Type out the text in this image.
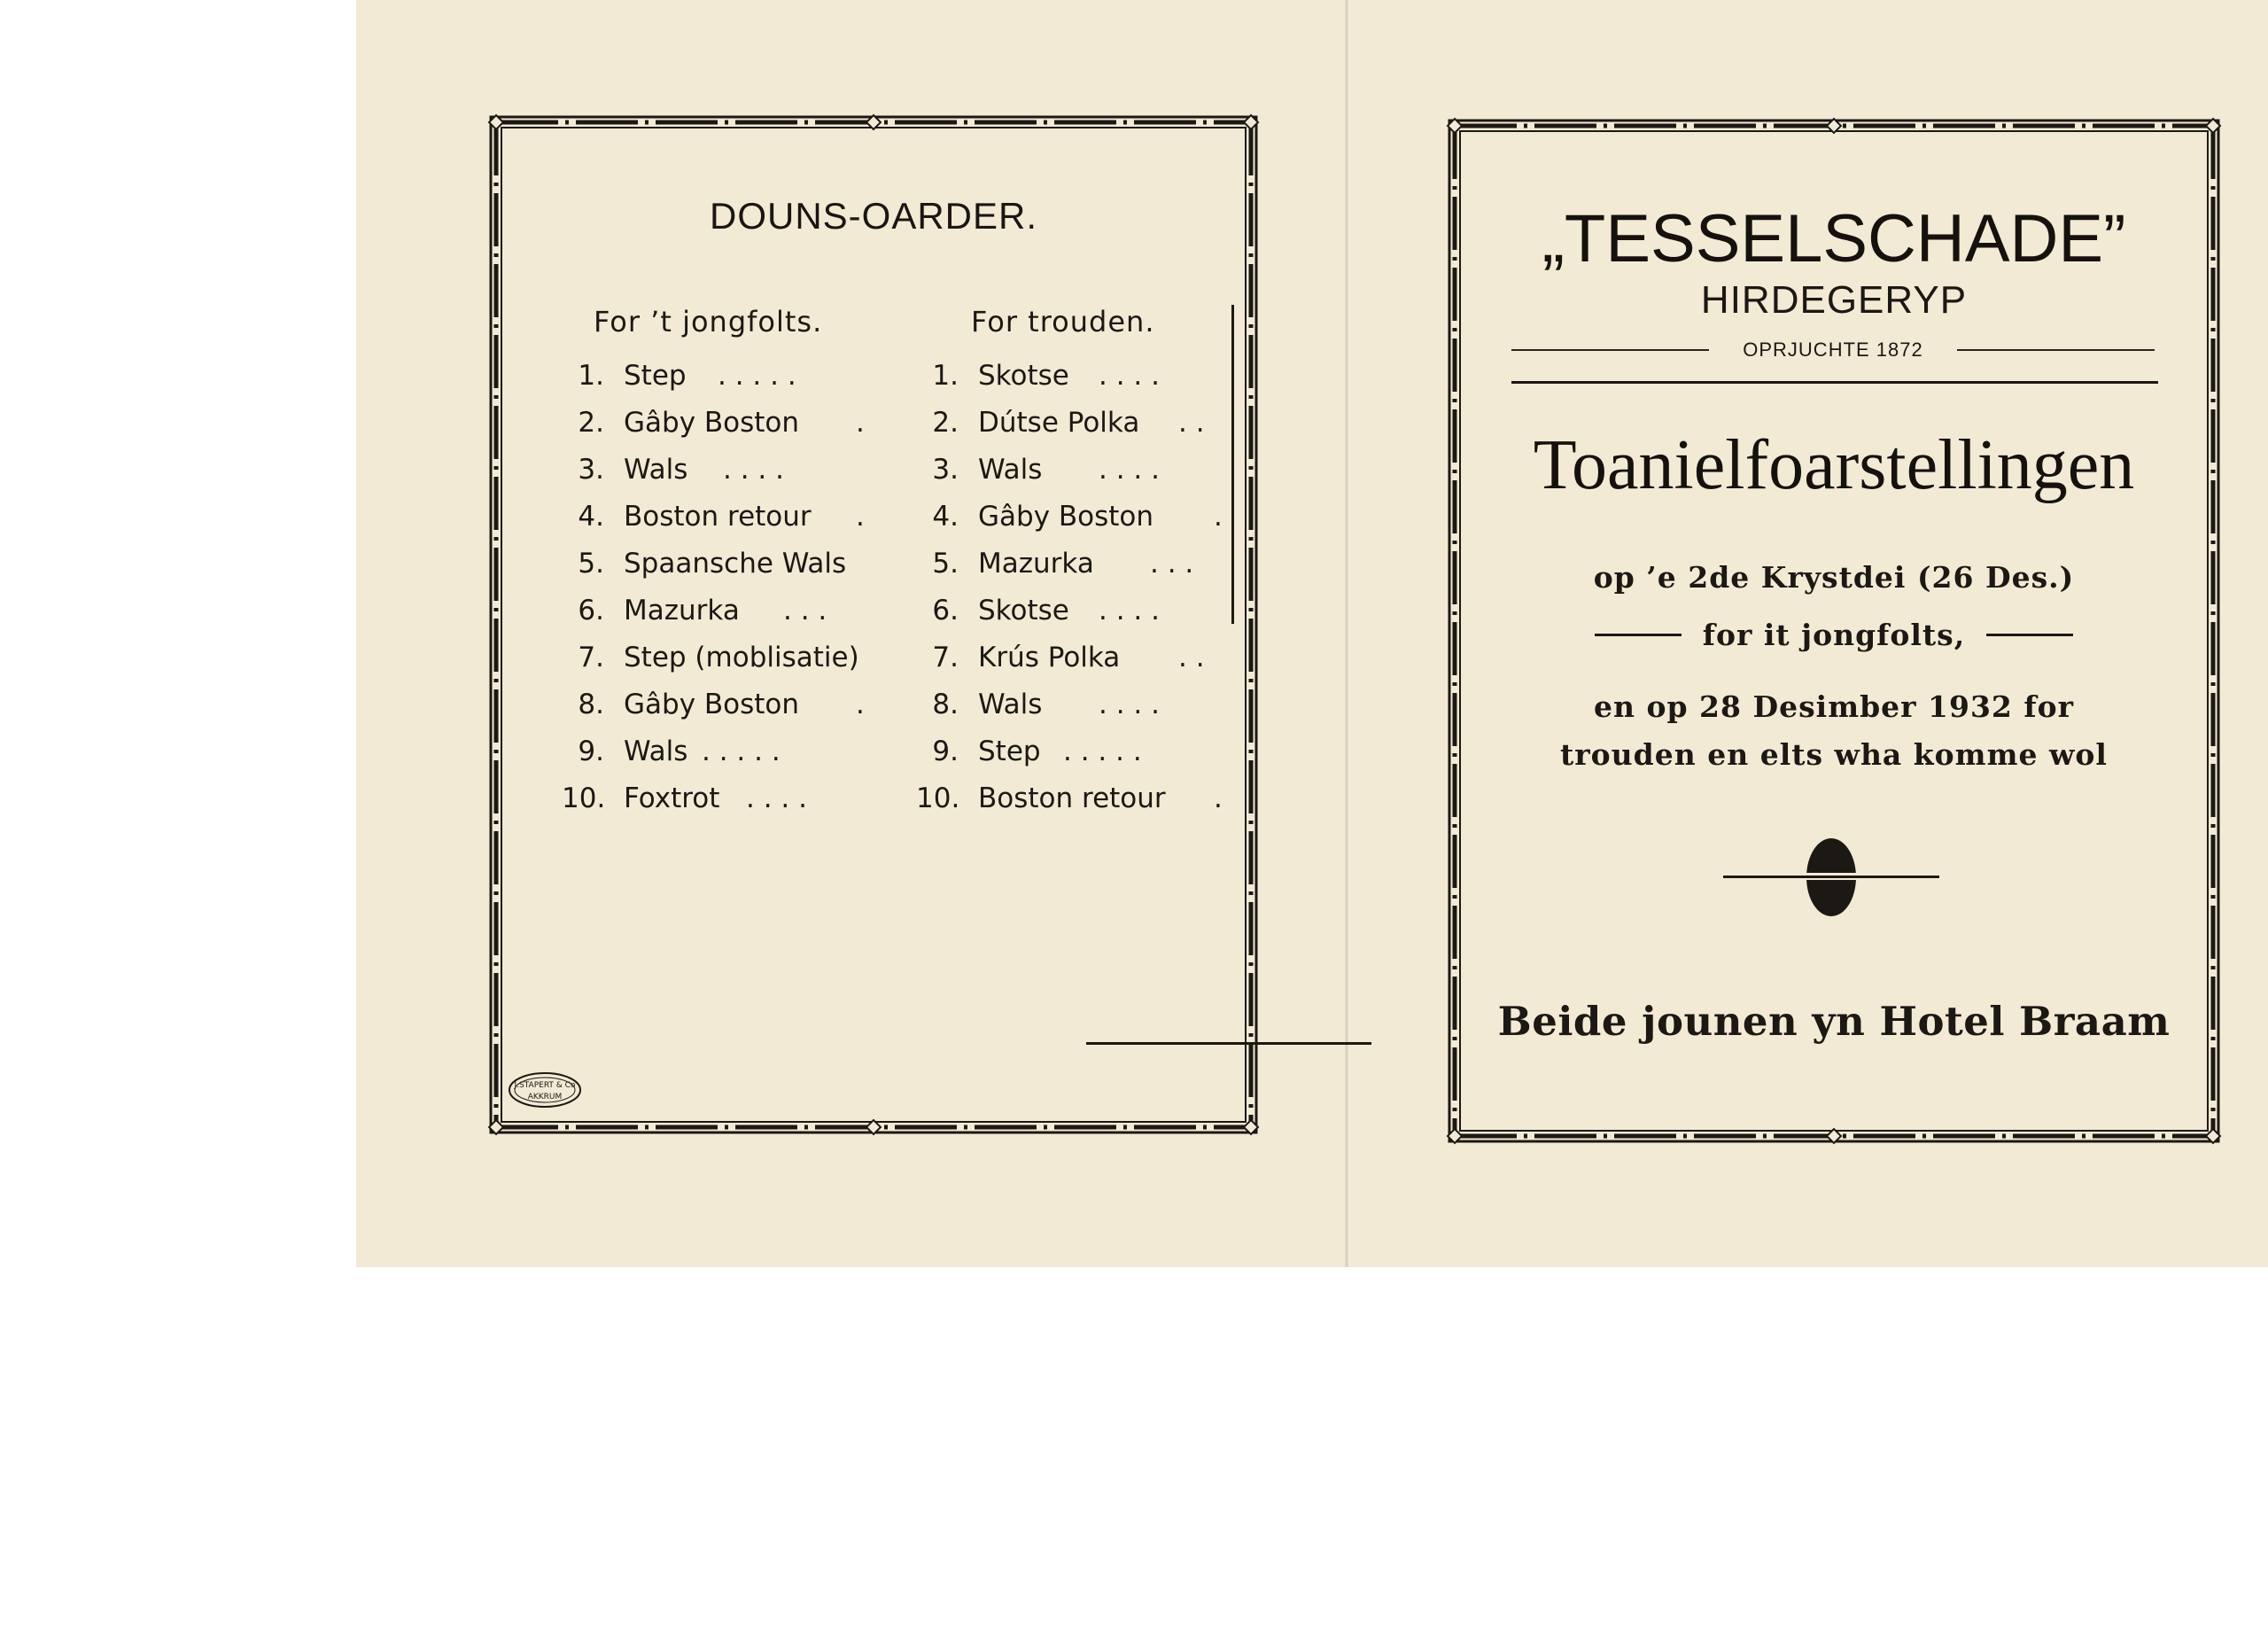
DOUNS-OARDER.
For ’t jongfolts.	For trouden.
1. Step . . . . .
2. Gâby Boston .
3. Wals . . . .
4. Boston retour .
5. Spaansche Wals
6. Mazurka . . .
7. Step (moblisatie)
8. Gâby Boston .
9. Wals . . . . .
10. Foxtrot . . . .
1. Skotse . . . .
2. Dútse Polka . .
3. Wals . . . .
4. Gâby Boston .
5. Mazurka . . .
6. Skotse . . . .
7. Krús Polka . .
8. Wals . . . .
9. Step . . . . .
10. Boston retour .
J.STAPERT & Co
AKKRUM
„TESSELSCHADE”
HIRDEGERYP
OPRJUCHTE 1872
Toanielfoarstellingen
op ’e 2de Krystdei (26 Des.)
for it jongfolts,
en op 28 Desimber 1932 for
trouden en elts wha komme wol
Beide jounen yn Hotel Braam
